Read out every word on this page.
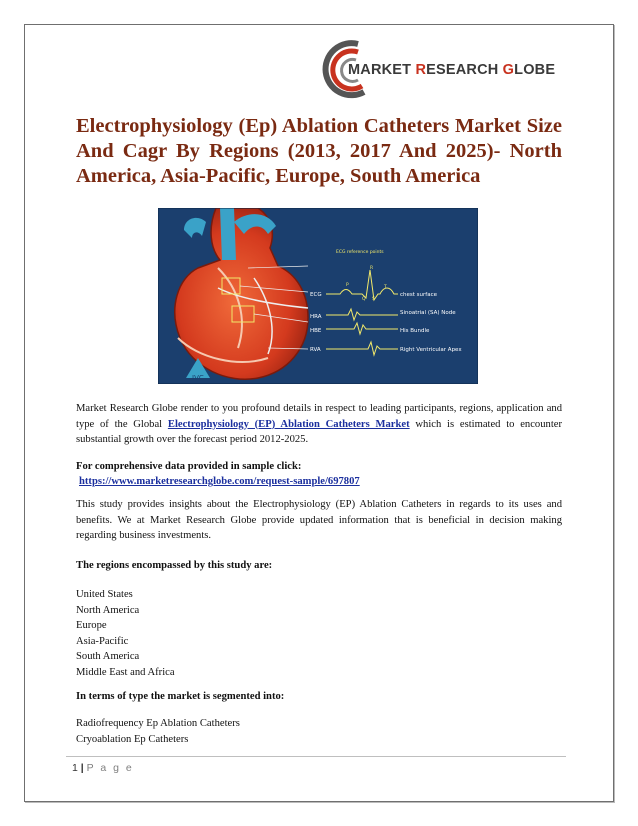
MARKET RESEARCH GLOBE
Electrophysiology (Ep) Ablation Catheters Market Size And Cagr By Regions (2013, 2017 And 2025)- North America, Asia-Pacific, Europe, South America
IVC
ECG reference points
ECG
HRA
HBE
RVA
chest surface
Sinoatrial (SA) Node
His Bundle
Right Ventricular Apex
P
Q
R
S
T
Market Research Globe render to you profound details in respect to leading participants, regions, application and type of the Global Electrophysiology (EP) Ablation Catheters Market which is estimated to encounter substantial growth over the forecast period 2012-2025.
For comprehensive data provided in sample click:
https://www.marketresearchglobe.com/request-sample/697807
This study provides insights about the Electrophysiology (EP) Ablation Catheters in regards to its uses and benefits. We at Market Research Globe provide updated information that is beneficial in decision making regarding business investments.
The regions encompassed by this study are:
United States
North America
Europe
Asia-Pacific
South America
Middle East and Africa
In terms of type the market is segmented into:
Radiofrequency Ep Ablation Catheters
Cryoablation Ep Catheters
1 | P a g e
